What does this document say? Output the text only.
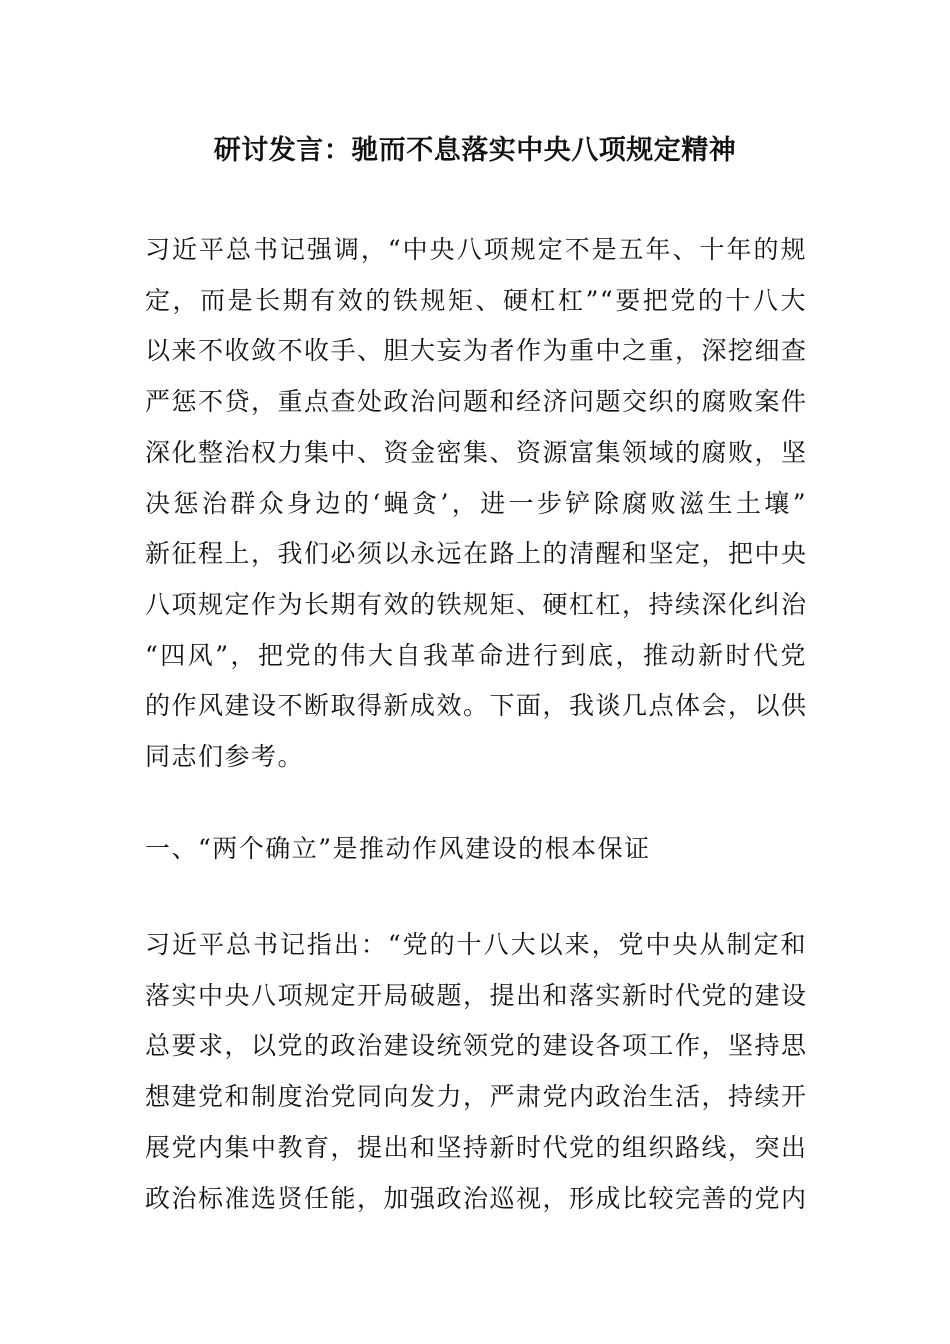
研讨发言：驰而不息落实中央八项规定精神
习近平总书记强调，“中央八项规定不是五年、十年的规
定，而是长期有效的铁规矩、硬杠杠”“要把党的十八大
以来不收敛不收手、胆大妄为者作为重中之重，深挖细查
严惩不贷，重点查处政治问题和经济问题交织的腐败案件
深化整治权力集中、资金密集、资源富集领域的腐败，坚
决惩治群众身边的‘蝇贪’，进一步铲除腐败滋生土壤”
新征程上，我们必须以永远在路上的清醒和坚定，把中央
八项规定作为长期有效的铁规矩、硬杠杠，持续深化纠治
“四风”，把党的伟大自我革命进行到底，推动新时代党
的作风建设不断取得新成效。下面，我谈几点体会，以供
同志们参考。
一、“两个确立”是推动作风建设的根本保证
习近平总书记指出：“党的十八大以来，党中央从制定和
落实中央八项规定开局破题，提出和落实新时代党的建设
总要求，以党的政治建设统领党的建设各项工作，坚持思
想建党和制度治党同向发力，严肃党内政治生活，持续开
展党内集中教育，提出和坚持新时代党的组织路线，突出
政治标准选贤任能，加强政治巡视，形成比较完善的党内
